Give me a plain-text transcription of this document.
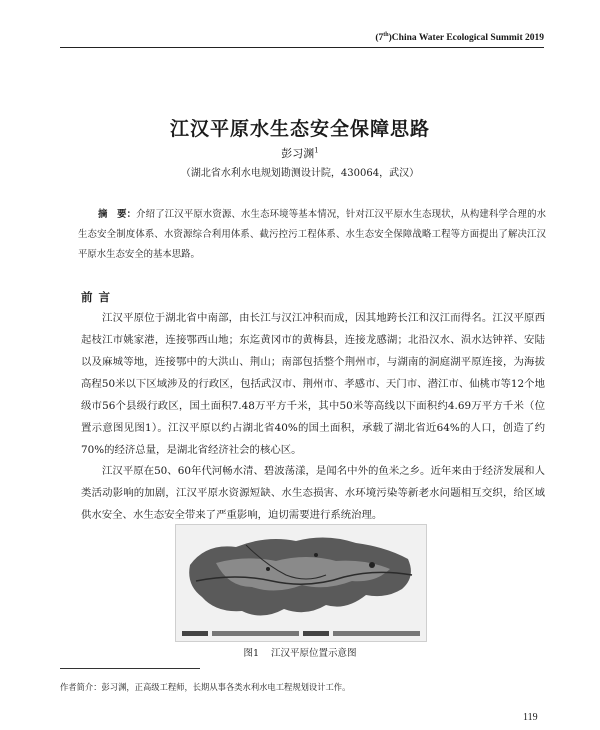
(7th)China Water Ecological Summit 2019
江汉平原水生态安全保障思路
彭习渊$^1$
（湖北省水利水电规划勘测设计院，430064，武汉）
摘　要：介绍了江汉平原水资源、水生态环境等基本情况，针对江汉平原水生态现状，从构建科学合理的水生态安全制度体系、水资源综合利用体系、截污控污工程体系、水生态安全保障战略工程等方面提出了解决江汉平原水生态安全的基本思路。
前言
江汉平原位于湖北省中南部，由长江与汉江冲积而成，因其地跨长江和汉江而得名。江汉平原西起枝江市姚家港，连接鄂西山地；东迄黄冈市的黄梅县，连接龙感湖；北沿汉水、涢水达钟祥、安陆以及麻城等地，连接鄂中的大洪山、荆山；南部包括整个荆州市，与湖南的洞庭湖平原连接，为海拔高程50米以下区域涉及的行政区，包括武汉市、荆州市、孝感市、天门市、潜江市、仙桃市等12个地级市56个县级行政区，国土面积7.48万平方千米，其中50米等高线以下面积约4.69万平方千米（位置示意图见图1）。江汉平原以约占湖北省40%的国土面积，承载了湖北省近64%的人口，创造了约70%的经济总量，是湖北省经济社会的核心区。
江汉平原在50、60年代河畅水清、碧波荡漾，是闻名中外的鱼米之乡。近年来由于经济发展和人类活动影响的加剧，江汉平原水资源短缺、水生态损害、水环境污染等新老水问题相互交织，给区域供水安全、水生态安全带来了严重影响，迫切需要进行系统治理。
图1 江汉平原位置示意图
作者简介：彭习渊，正高级工程师，长期从事各类水利水电工程规划设计工作。
119
